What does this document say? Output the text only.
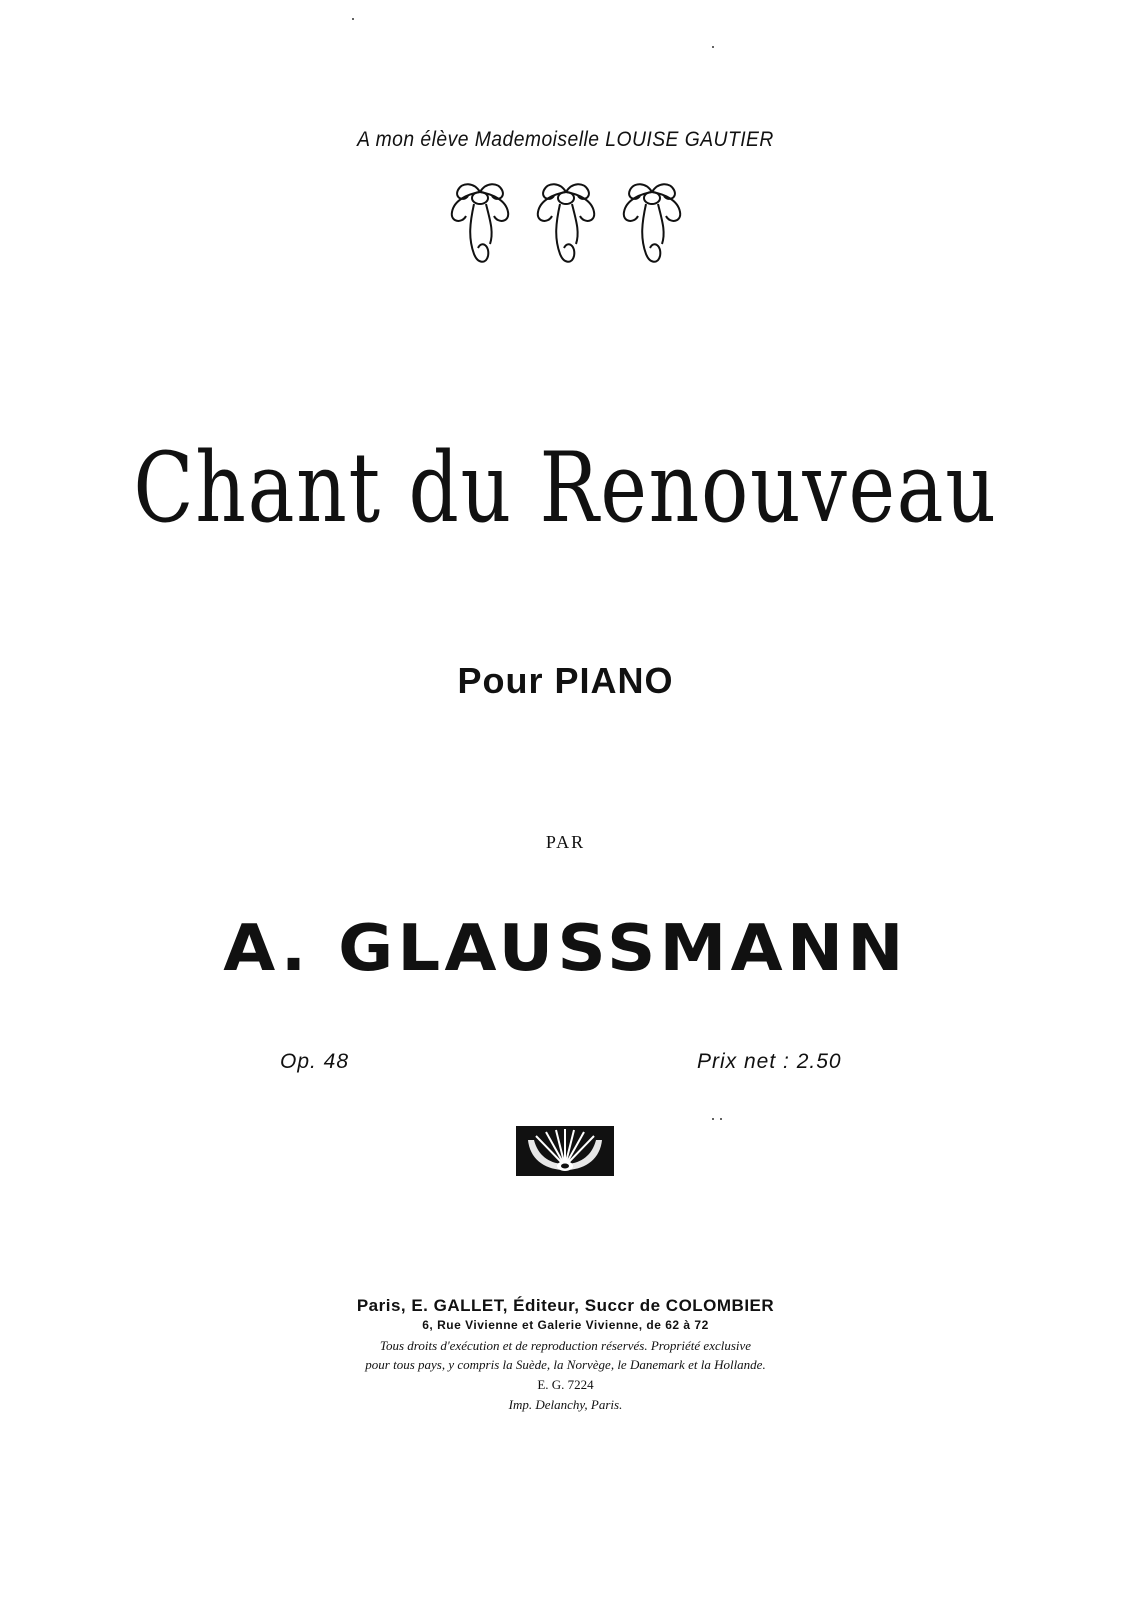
A mon élève Mademoiselle LOUISE GAUTIER
Chant du Renouveau
Pour PIANO
PAR
A. GLAUSSMANN
Op. 48	Prix net : 2.50
Paris, E. GALLET, Éditeur, Succr de COLOMBIER
6, Rue Vivienne et Galerie Vivienne, de 62 à 72
Tous droits d'exécution et de reproduction réservés. Propriété exclusive
pour tous pays, y compris la Suède, la Norvège, le Danemark et la Hollande.
E. G. 7224
Imp. Delanchy, Paris.
